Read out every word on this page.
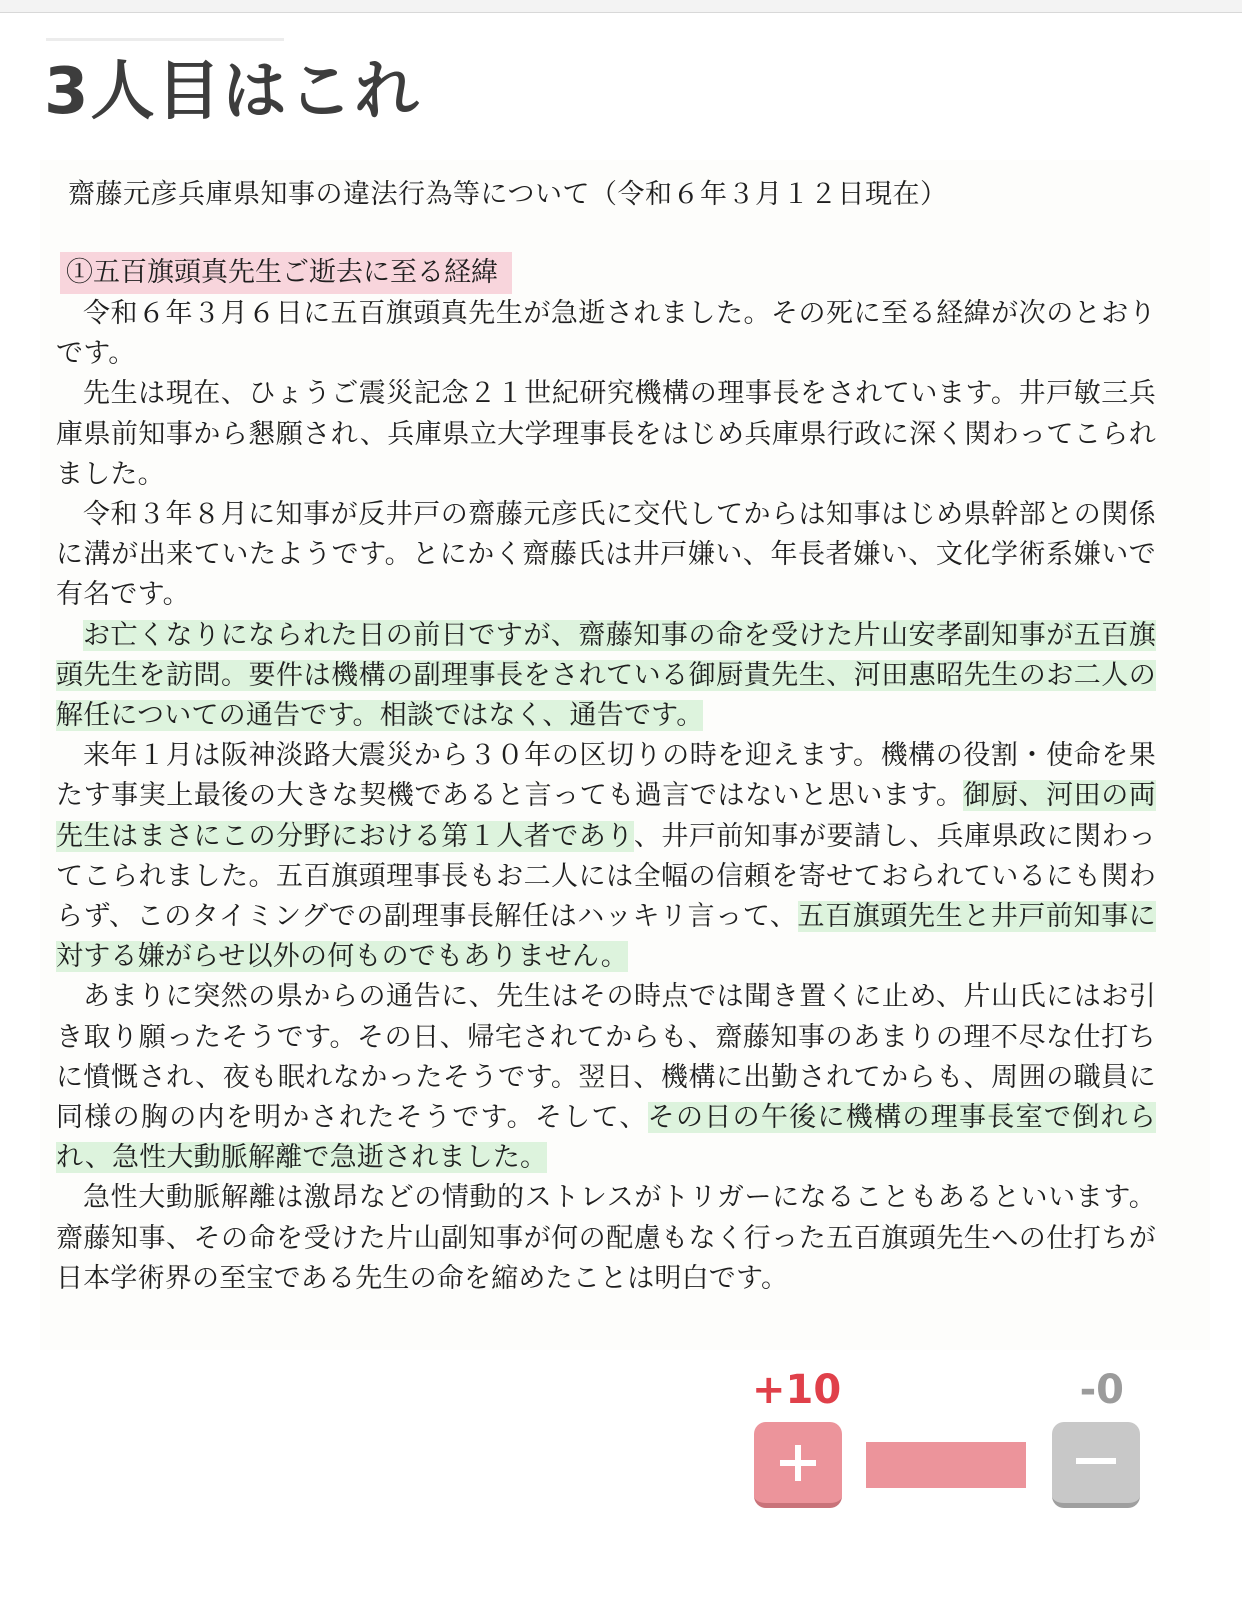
3人目はこれ
齋藤元彦兵庫県知事の違法行為等について（令和６年３月１２日現在）
①五百旗頭真先生ご逝去に至る経緯

令和６年３月６日に五百旗頭真先生が急逝されました。その死に至る経緯が次のとおりです。

先生は現在、ひょうご震災記念２１世紀研究機構の理事長をされています。井戸敏三兵庫県前知事から懇願され、兵庫県立大学理事長をはじめ兵庫県行政に深く関わってこられました。

令和３年８月に知事が反井戸の齋藤元彦氏に交代してからは知事はじめ県幹部との関係に溝が出来ていたようです。とにかく齋藤氏は井戸嫌い、年長者嫌い、文化学術系嫌いで有名です。

お亡くなりになられた日の前日ですが、齋藤知事の命を受けた片山安孝副知事が五百旗頭先生を訪問。要件は機構の副理事長をされている御厨貴先生、河田惠昭先生のお二人の解任についての通告です。相談ではなく、通告です。

来年１月は阪神淡路大震災から３０年の区切りの時を迎えます。機構の役割・使命を果たす事実上最後の大きな契機であると言っても過言ではないと思います。御厨、河田の両先生はまさにこの分野における第１人者であり、井戸前知事が要請し、兵庫県政に関わってこられました。五百旗頭理事長もお二人には全幅の信頼を寄せておられているにも関わらず、このタイミングでの副理事長解任はハッキリ言って、五百旗頭先生と井戸前知事に対する嫌がらせ以外の何ものでもありません。

あまりに突然の県からの通告に、先生はその時点では聞き置くに止め、片山氏にはお引き取り願ったそうです。その日、帰宅されてからも、齋藤知事のあまりの理不尽な仕打ちに憤慨され、夜も眠れなかったそうです。翌日、機構に出勤されてからも、周囲の職員に同様の胸の内を明かされたそうです。そして、その日の午後に機構の理事長室で倒れられ、急性大動脈解離で急逝されました。

急性大動脈解離は激昂などの情動的ストレスがトリガーになることもあるといいます。齋藤知事、その命を受けた片山副知事が何の配慮もなく行った五百旗頭先生への仕打ちが日本学術界の至宝である先生の命を縮めたことは明白です。

+10	-0
